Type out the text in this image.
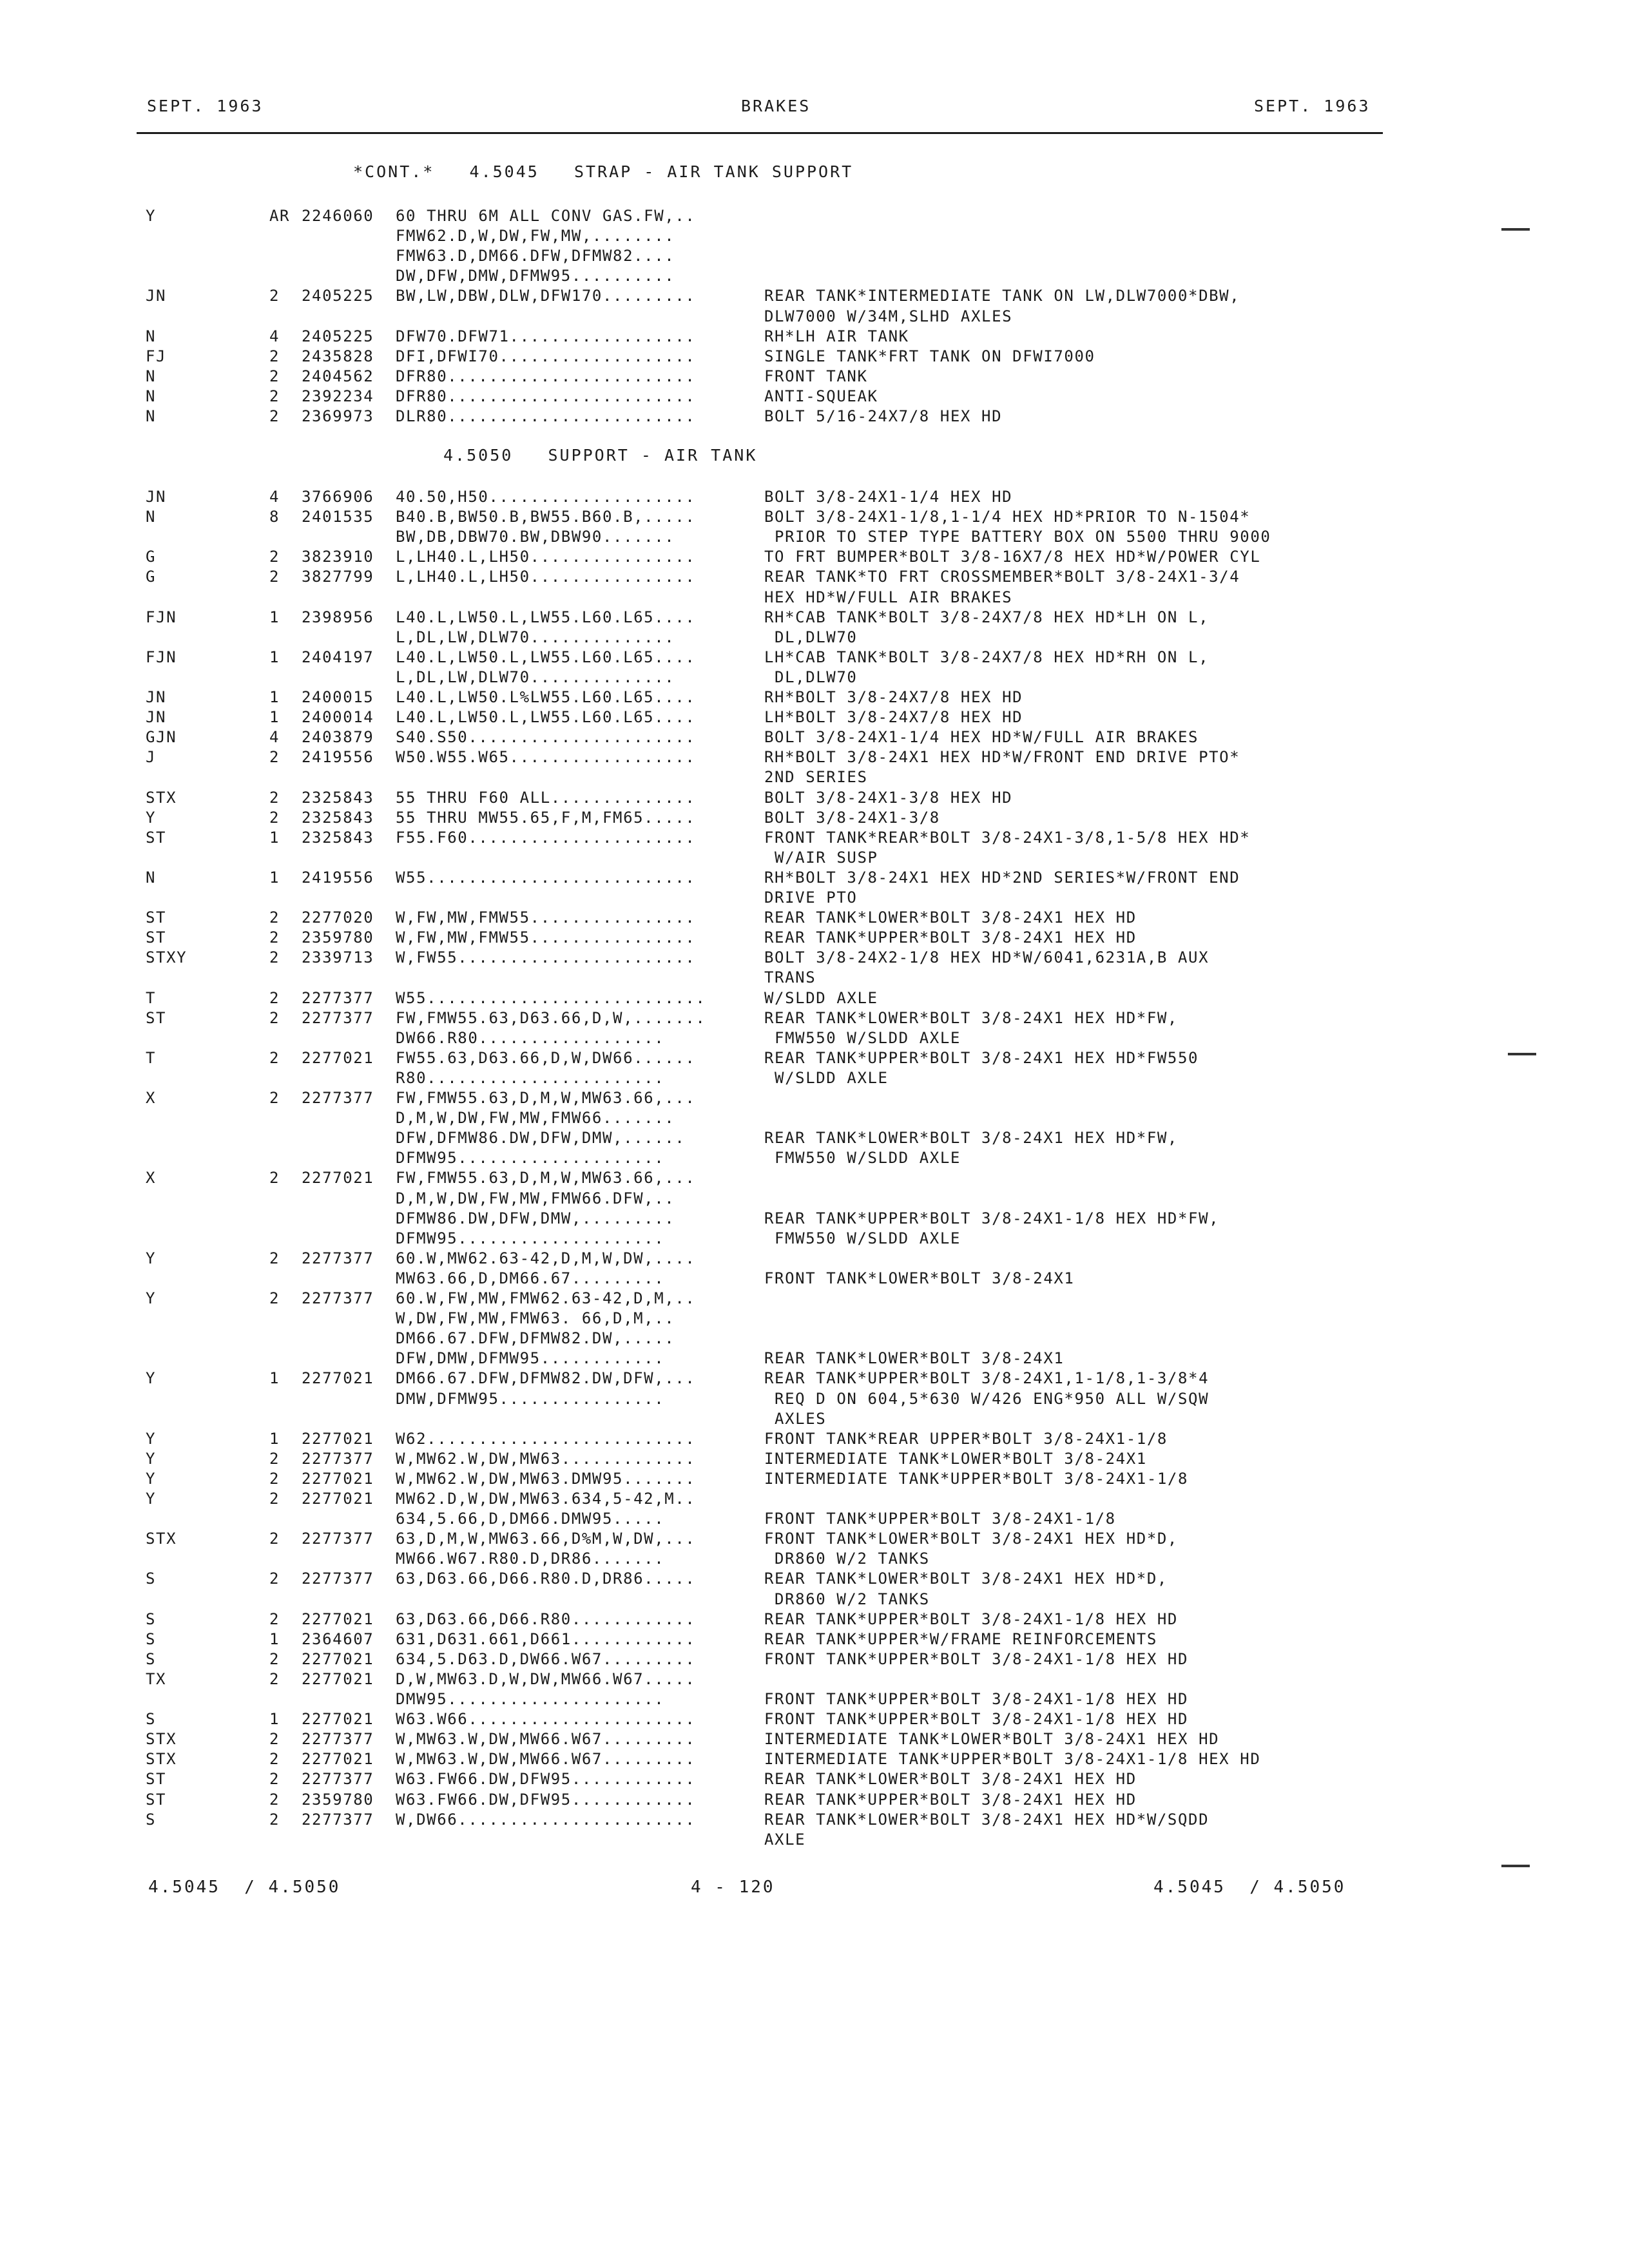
SEPT. 1963	BRAKES	SEPT. 1963
*CONT.*   4.5045   STRAP - AIR TANK SUPPORT
4.5050   SUPPORT - AIR TANK
Y	AR 2246060 60 THRU 6M ALL CONV GAS.FW,..
FMW62.D,W,DW,FW,MW,........
FMW63.D,DM66.DFW,DFMW82....
DW,DFW,DMW,DFMW95..........
JN	2 2405225 BW,LW,DBW,DLW,DFW170.........	REAR TANK*INTERMEDIATE TANK ON LW,DLW7000*DBW,
DLW7000 W/34M,SLHD AXLES
N	4 2405225 DFW70.DFW71..................	RH*LH AIR TANK
FJ	2 2435828 DFI,DFWI70...................	SINGLE TANK*FRT TANK ON DFWI7000
N	2 2404562 DFR80........................	FRONT TANK
N	2 2392234 DFR80........................	ANTI-SQUEAK
N	2 2369973 DLR80........................	BOLT 5/16-24X7/8 HEX HD
JN	4 3766906 40.50,H50....................	BOLT 3/8-24X1-1/4 HEX HD
N	8 2401535 B40.B,BW50.B,BW55.B60.B,.....	BOLT 3/8-24X1-1/8,1-1/4 HEX HD*PRIOR TO N-1504*
BW,DB,DBW70.BW,DBW90.......	PRIOR TO STEP TYPE BATTERY BOX ON 5500 THRU 9000
G	2 3823910 L,LH40.L,LH50................	TO FRT BUMPER*BOLT 3/8-16X7/8 HEX HD*W/POWER CYL
G	2 3827799 L,LH40.L,LH50................	REAR TANK*TO FRT CROSSMEMBER*BOLT 3/8-24X1-3/4
HEX HD*W/FULL AIR BRAKES
FJN	1 2398956 L40.L,LW50.L,LW55.L60.L65....	RH*CAB TANK*BOLT 3/8-24X7/8 HEX HD*LH ON L,
L,DL,LW,DLW70..............	DL,DLW70
FJN	1 2404197 L40.L,LW50.L,LW55.L60.L65....	LH*CAB TANK*BOLT 3/8-24X7/8 HEX HD*RH ON L,
L,DL,LW,DLW70..............	DL,DLW70
JN	1 2400015 L40.L,LW50.L%LW55.L60.L65....	RH*BOLT 3/8-24X7/8 HEX HD
JN	1 2400014 L40.L,LW50.L,LW55.L60.L65....	LH*BOLT 3/8-24X7/8 HEX HD
GJN	4 2403879 S40.S50......................	BOLT 3/8-24X1-1/4 HEX HD*W/FULL AIR BRAKES
J	2 2419556 W50.W55.W65..................	RH*BOLT 3/8-24X1 HEX HD*W/FRONT END DRIVE PTO*
2ND SERIES
STX	2 2325843 55 THRU F60 ALL..............	BOLT 3/8-24X1-3/8 HEX HD
Y	2 2325843 55 THRU MW55.65,F,M,FM65.....	BOLT 3/8-24X1-3/8
ST	1 2325843 F55.F60......................	FRONT TANK*REAR*BOLT 3/8-24X1-3/8,1-5/8 HEX HD*
W/AIR SUSP
N	1 2419556 W55..........................	RH*BOLT 3/8-24X1 HEX HD*2ND SERIES*W/FRONT END
DRIVE PTO
ST	2 2277020 W,FW,MW,FMW55................	REAR TANK*LOWER*BOLT 3/8-24X1 HEX HD
ST	2 2359780 W,FW,MW,FMW55................	REAR TANK*UPPER*BOLT 3/8-24X1 HEX HD
STXY	2 2339713 W,FW55.......................	BOLT 3/8-24X2-1/8 HEX HD*W/6041,6231A,B AUX
TRANS
T	2 2277377 W55...........................	W/SLDD AXLE
ST	2 2277377 FW,FMW55.63,D63.66,D,W,.......	REAR TANK*LOWER*BOLT 3/8-24X1 HEX HD*FW,
DW66.R80..................	FMW550 W/SLDD AXLE
T	2 2277021 FW55.63,D63.66,D,W,DW66......	REAR TANK*UPPER*BOLT 3/8-24X1 HEX HD*FW550
R80.......................	W/SLDD AXLE
X	2 2277377 FW,FMW55.63,D,M,W,MW63.66,...
D,M,W,DW,FW,MW,FMW66.......
DFW,DFMW86.DW,DFW,DMW,......	REAR TANK*LOWER*BOLT 3/8-24X1 HEX HD*FW,
DFMW95....................	FMW550 W/SLDD AXLE
X	2 2277021 FW,FMW55.63,D,M,W,MW63.66,...
D,M,W,DW,FW,MW,FMW66.DFW,..
DFMW86.DW,DFW,DMW,.........	REAR TANK*UPPER*BOLT 3/8-24X1-1/8 HEX HD*FW,
DFMW95....................	FMW550 W/SLDD AXLE
Y	2 2277377 60.W,MW62.63-42,D,M,W,DW,....
MW63.66,D,DM66.67.........	FRONT TANK*LOWER*BOLT 3/8-24X1
Y	2 2277377 60.W,FW,MW,FMW62.63-42,D,M,..
W,DW,FW,MW,FMW63. 66,D,M,..
DM66.67.DFW,DFMW82.DW,.....
DFW,DMW,DFMW95............	REAR TANK*LOWER*BOLT 3/8-24X1
Y	1 2277021 DM66.67.DFW,DFMW82.DW,DFW,...	REAR TANK*UPPER*BOLT 3/8-24X1,1-1/8,1-3/8*4
DMW,DFMW95................	REQ D ON 604,5*630 W/426 ENG*950 ALL W/SQW
AXLES
Y	1 2277021 W62..........................	FRONT TANK*REAR UPPER*BOLT 3/8-24X1-1/8
Y	2 2277377 W,MW62.W,DW,MW63.............	INTERMEDIATE TANK*LOWER*BOLT 3/8-24X1
Y	2 2277021 W,MW62.W,DW,MW63.DMW95.......	INTERMEDIATE TANK*UPPER*BOLT 3/8-24X1-1/8
Y	2 2277021 MW62.D,W,DW,MW63.634,5-42,M..
634,5.66,D,DM66.DMW95.....	FRONT TANK*UPPER*BOLT 3/8-24X1-1/8
STX	2 2277377 63,D,M,W,MW63.66,D%M,W,DW,...	FRONT TANK*LOWER*BOLT 3/8-24X1 HEX HD*D,
MW66.W67.R80.D,DR86.......	DR860 W/2 TANKS
S	2 2277377 63,D63.66,D66.R80.D,DR86.....	REAR TANK*LOWER*BOLT 3/8-24X1 HEX HD*D,
DR860 W/2 TANKS
S	2 2277021 63,D63.66,D66.R80............	REAR TANK*UPPER*BOLT 3/8-24X1-1/8 HEX HD
S	1 2364607 631,D631.661,D661............	REAR TANK*UPPER*W/FRAME REINFORCEMENTS
S	2 2277021 634,5.D63.D,DW66.W67.........	FRONT TANK*UPPER*BOLT 3/8-24X1-1/8 HEX HD
TX	2 2277021 D,W,MW63.D,W,DW,MW66.W67.....
DMW95.....................	FRONT TANK*UPPER*BOLT 3/8-24X1-1/8 HEX HD
S	1 2277021 W63.W66......................	FRONT TANK*UPPER*BOLT 3/8-24X1-1/8 HEX HD
STX	2 2277377 W,MW63.W,DW,MW66.W67.........	INTERMEDIATE TANK*LOWER*BOLT 3/8-24X1 HEX HD
STX	2 2277021 W,MW63.W,DW,MW66.W67.........	INTERMEDIATE TANK*UPPER*BOLT 3/8-24X1-1/8 HEX HD
ST	2 2277377 W63.FW66.DW,DFW95............	REAR TANK*LOWER*BOLT 3/8-24X1 HEX HD
ST	2 2359780 W63.FW66.DW,DFW95............	REAR TANK*UPPER*BOLT 3/8-24X1 HEX HD
S	2 2277377 W,DW66.......................	REAR TANK*LOWER*BOLT 3/8-24X1 HEX HD*W/SQDD
AXLE
4.5045  / 4.5050	4 - 120	4.5045  / 4.5050
